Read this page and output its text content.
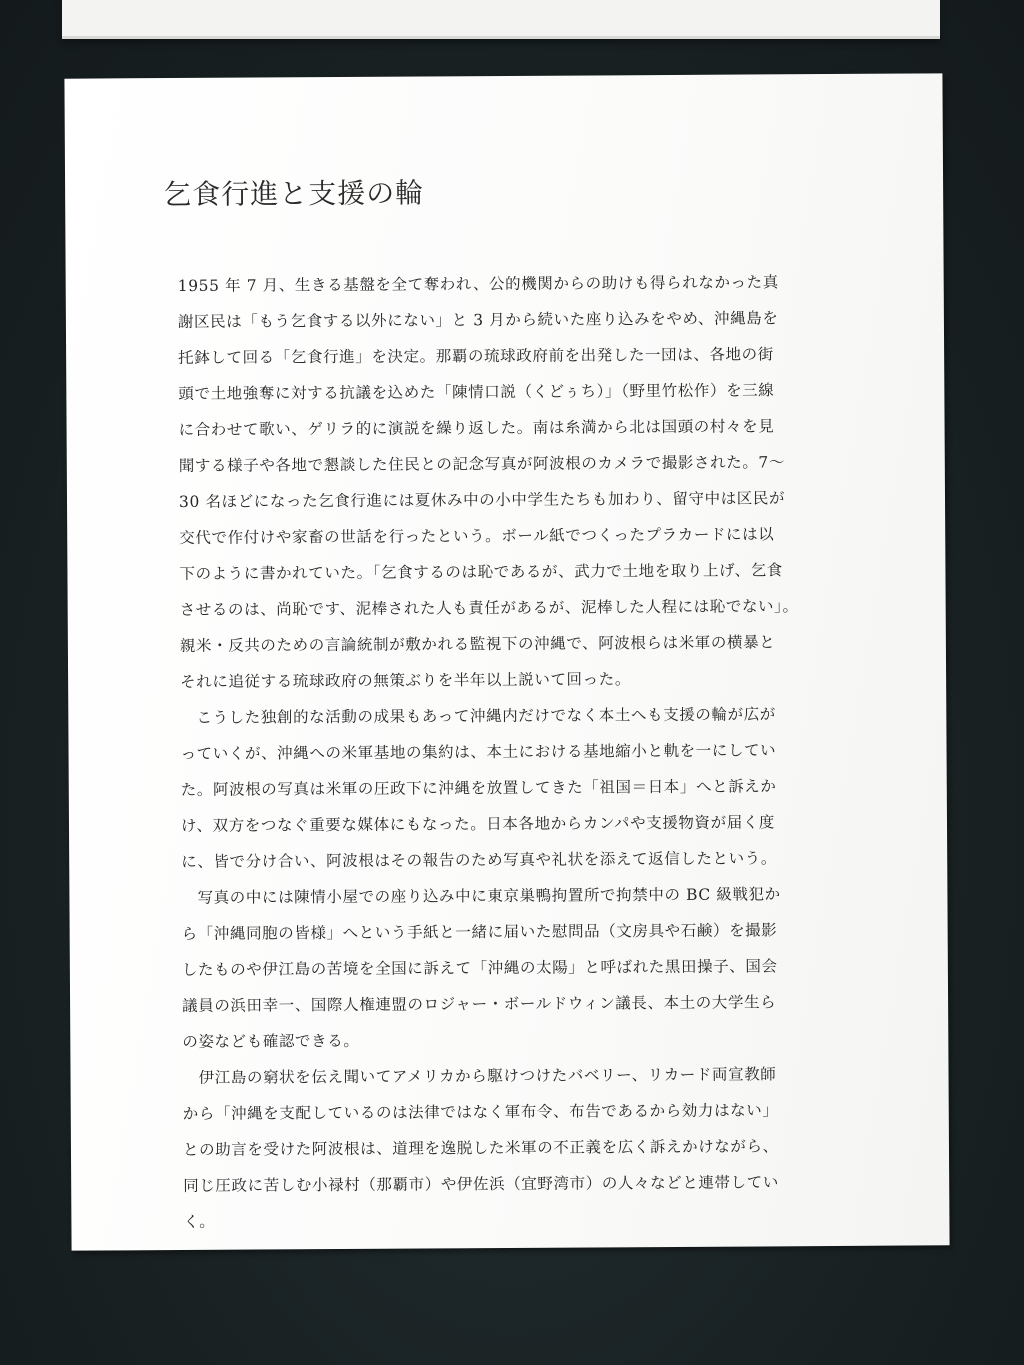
乞食行進と支援の輪
1955 年 7 月、生きる基盤を全て奪われ、公的機関からの助けも得られなかった真
謝区民は「もう乞食する以外にない」と 3 月から続いた座り込みをやめ、沖縄島を
托鉢して回る「乞食行進」を決定。那覇の琉球政府前を出発した一団は、各地の街
頭で土地強奪に対する抗議を込めた「陳情口説（くどぅち）」（野里竹松作）を三線
に合わせて歌い、ゲリラ的に演説を繰り返した。南は糸満から北は国頭の村々を見
聞する様子や各地で懇談した住民との記念写真が阿波根のカメラで撮影された。7〜
30 名ほどになった乞食行進には夏休み中の小中学生たちも加わり、留守中は区民が
交代で作付けや家畜の世話を行ったという。ボール紙でつくったプラカードには以
下のように書かれていた。「乞食するのは恥であるが、武力で土地を取り上げ、乞食
させるのは、尚恥です、泥棒された人も責任があるが、泥棒した人程には恥でない」。
親米・反共のための言論統制が敷かれる監視下の沖縄で、阿波根らは米軍の横暴と
それに追従する琉球政府の無策ぶりを半年以上説いて回った。
　こうした独創的な活動の成果もあって沖縄内だけでなく本土へも支援の輪が広が
っていくが、沖縄への米軍基地の集約は、本土における基地縮小と軌を一にしてい
た。阿波根の写真は米軍の圧政下に沖縄を放置してきた「祖国＝日本」へと訴えか
け、双方をつなぐ重要な媒体にもなった。日本各地からカンパや支援物資が届く度
に、皆で分け合い、阿波根はその報告のため写真や礼状を添えて返信したという。
　写真の中には陳情小屋での座り込み中に東京巣鴨拘置所で拘禁中の BC 級戦犯か
ら「沖縄同胞の皆様」へという手紙と一緒に届いた慰問品（文房具や石鹸）を撮影
したものや伊江島の苦境を全国に訴えて「沖縄の太陽」と呼ばれた黒田操子、国会
議員の浜田幸一、国際人権連盟のロジャー・ボールドウィン議長、本土の大学生ら
の姿なども確認できる。
　伊江島の窮状を伝え聞いてアメリカから駆けつけたバベリー、リカード両宣教師
から「沖縄を支配しているのは法律ではなく軍布令、布告であるから効力はない」
との助言を受けた阿波根は、道理を逸脱した米軍の不正義を広く訴えかけながら、
同じ圧政に苦しむ小禄村（那覇市）や伊佐浜（宜野湾市）の人々などと連帯してい
く。
